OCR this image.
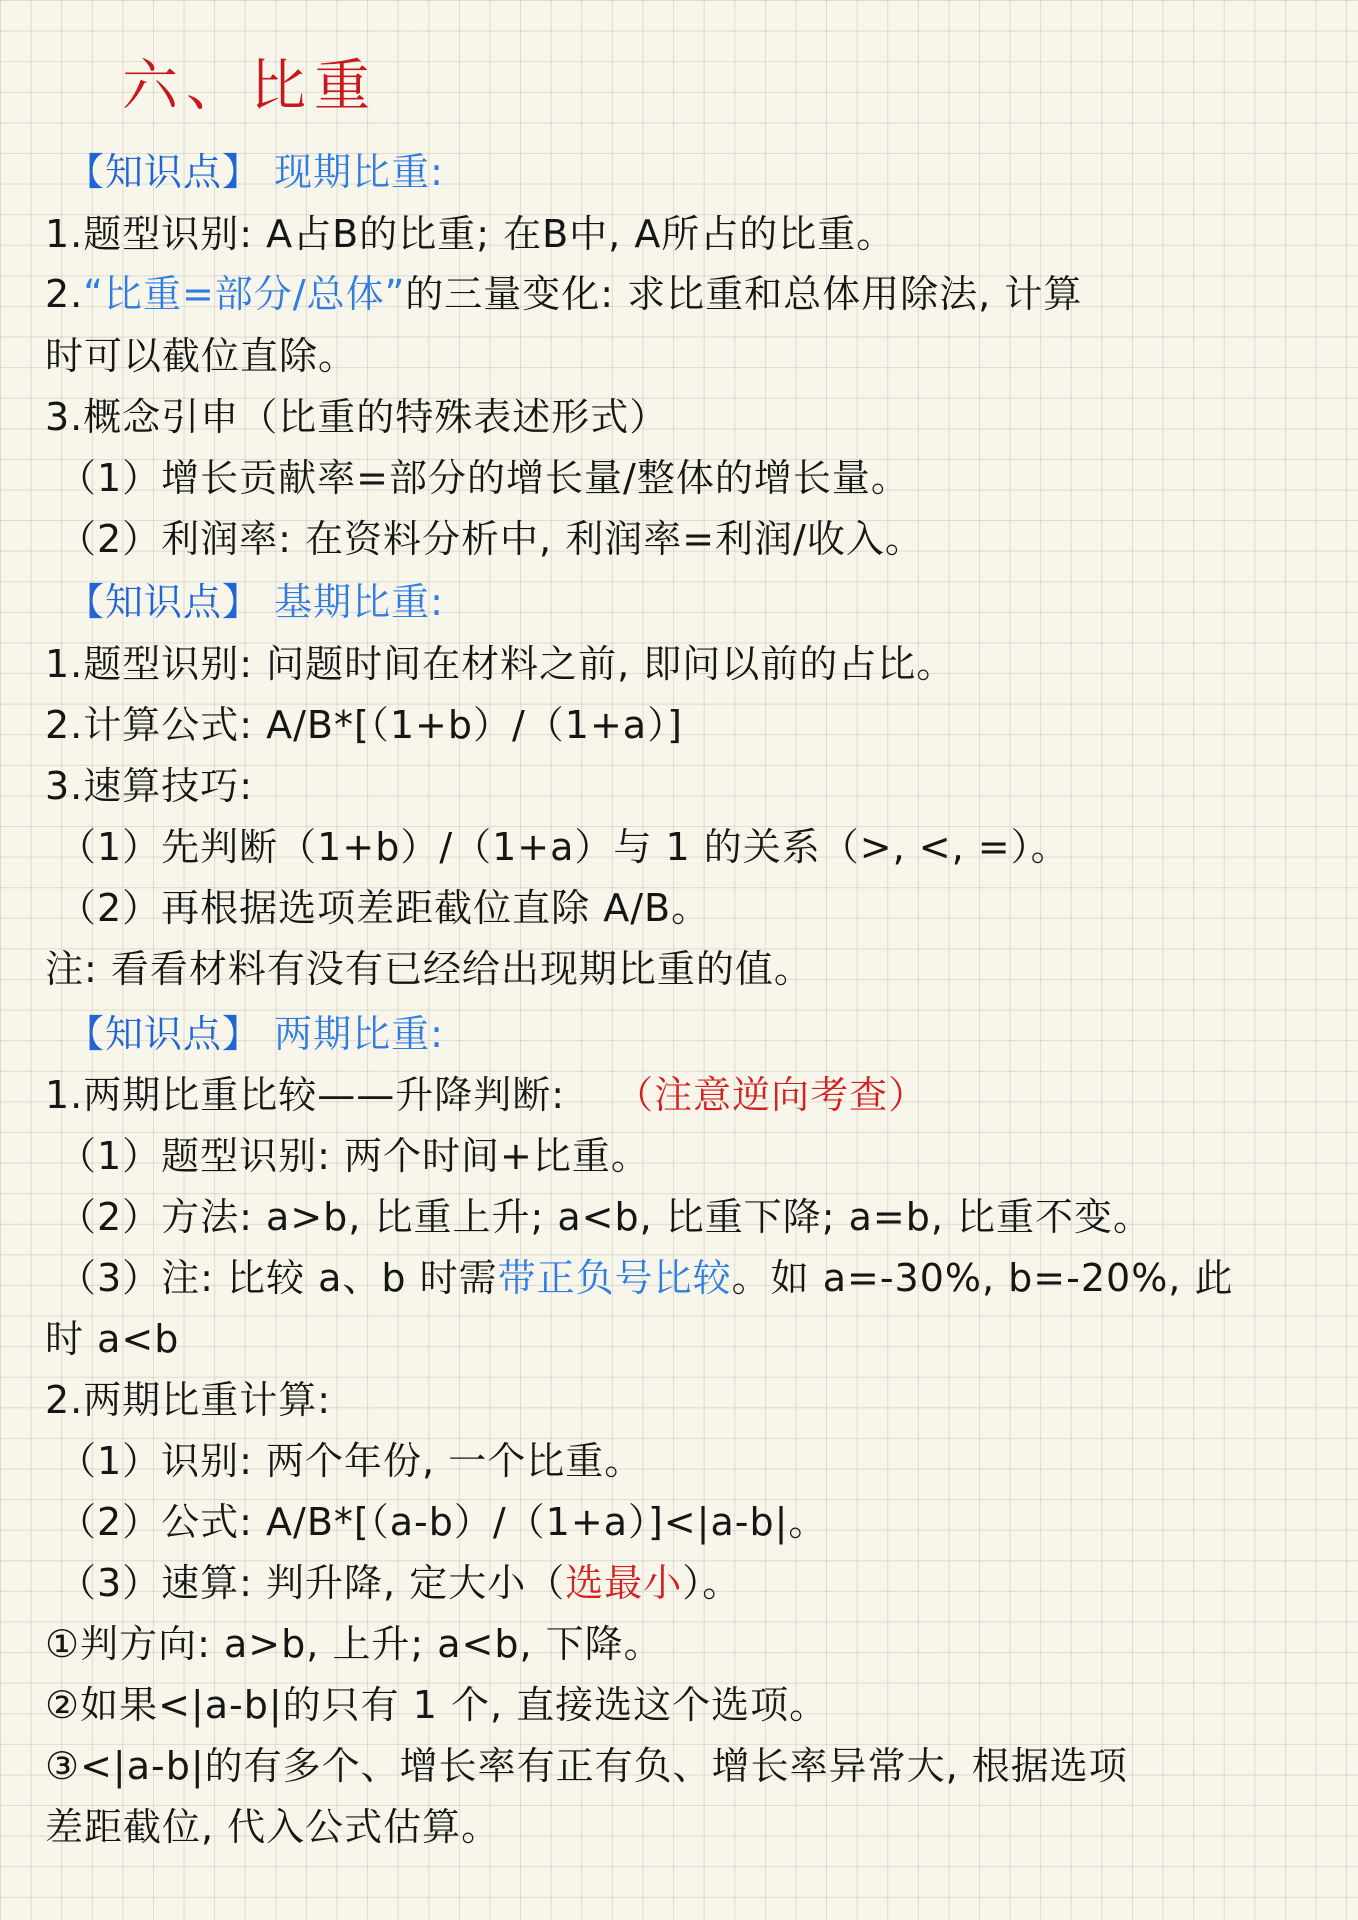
六、比重
【知识点】 现期比重:
1.题型识别: A占B的比重; 在B中, A所占的比重。
2.“比重=部分/总体”的三量变化: 求比重和总体用除法, 计算
时可以截位直除。
3.概念引申（比重的特殊表述形式）
（1）增长贡献率=部分的增长量/整体的增长量。
（2）利润率: 在资料分析中, 利润率=利润/收入。
【知识点】 基期比重:
1.题型识别: 问题时间在材料之前, 即问以前的占比。
2.计算公式: A/B*[（1+b）/（1+a）]
3.速算技巧:
（1）先判断（1+b）/（1+a）与 1 的关系（>, <, =）。
（2）再根据选项差距截位直除 A/B。
注: 看看材料有没有已经给出现期比重的值。
【知识点】 两期比重:
1.两期比重比较——升降判断: （注意逆向考查）
（1）题型识别: 两个时间+比重。
（2）方法: a>b, 比重上升; a<b, 比重下降; a=b, 比重不变。
（3）注: 比较 a、b 时需带正负号比较。如 a=-30%, b=-20%, 此
时 a<b
2.两期比重计算:
（1）识别: 两个年份, 一个比重。
（2）公式: A/B*[（a-b）/（1+a）]<|a-b|。
（3）速算: 判升降, 定大小（选最小）。
①判方向: a>b, 上升; a<b, 下降。
②如果<|a-b|的只有 1 个, 直接选这个选项。
③<|a-b|的有多个、增长率有正有负、增长率异常大, 根据选项
差距截位, 代入公式估算。
